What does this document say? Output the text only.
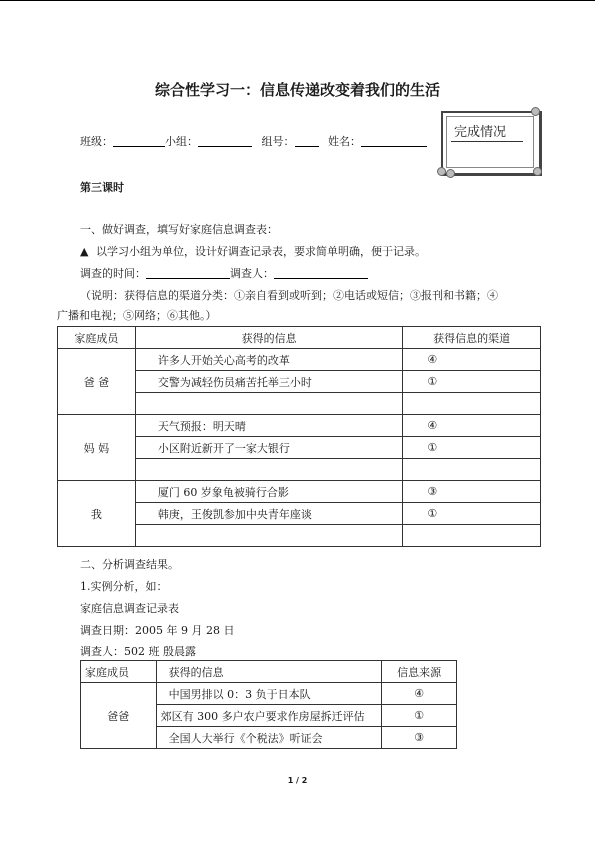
综合性学习一：信息传递改变着我们的生活
班级：	小组：	组号：	姓名：
完成情况
第三课时
一、做好调查，填写好家庭信息调查表：
▲ 以学习小组为单位，设计好调查记录表，要求简单明确，便于记录。
调查的时间：	调查人：
（说明：获得信息的渠道分类：①亲自看到或听到；②电话或短信；③报刊和书籍；④
广播和电视；⑤网络；⑥其他。）
家庭成员	获得的信息	获得信息的渠道
爸 爸	许多人开始关心高考的改革	④
	交警为减轻伤员痛苦托举三小时	①

妈 妈	天气预报：明天晴	④
	小区附近新开了一家大银行	①

我	厦门 60 岁象龟被骑行合影	③
	韩庚，王俊凯参加中央青年座谈	①

二、分析调查结果。
1.实例分析，如：
家庭信息调查记录表
调查日期：2005 年 9 月 28 日
调查人：502 班 殷晨露
家庭成员	获得的信息	信息来源
爸爸	中国男排以 0：3 负于日本队	④
	郊区有 300 多户农户要求作房屋拆迁评估	①
	全国人大举行《个税法》听证会	③
1 / 2
